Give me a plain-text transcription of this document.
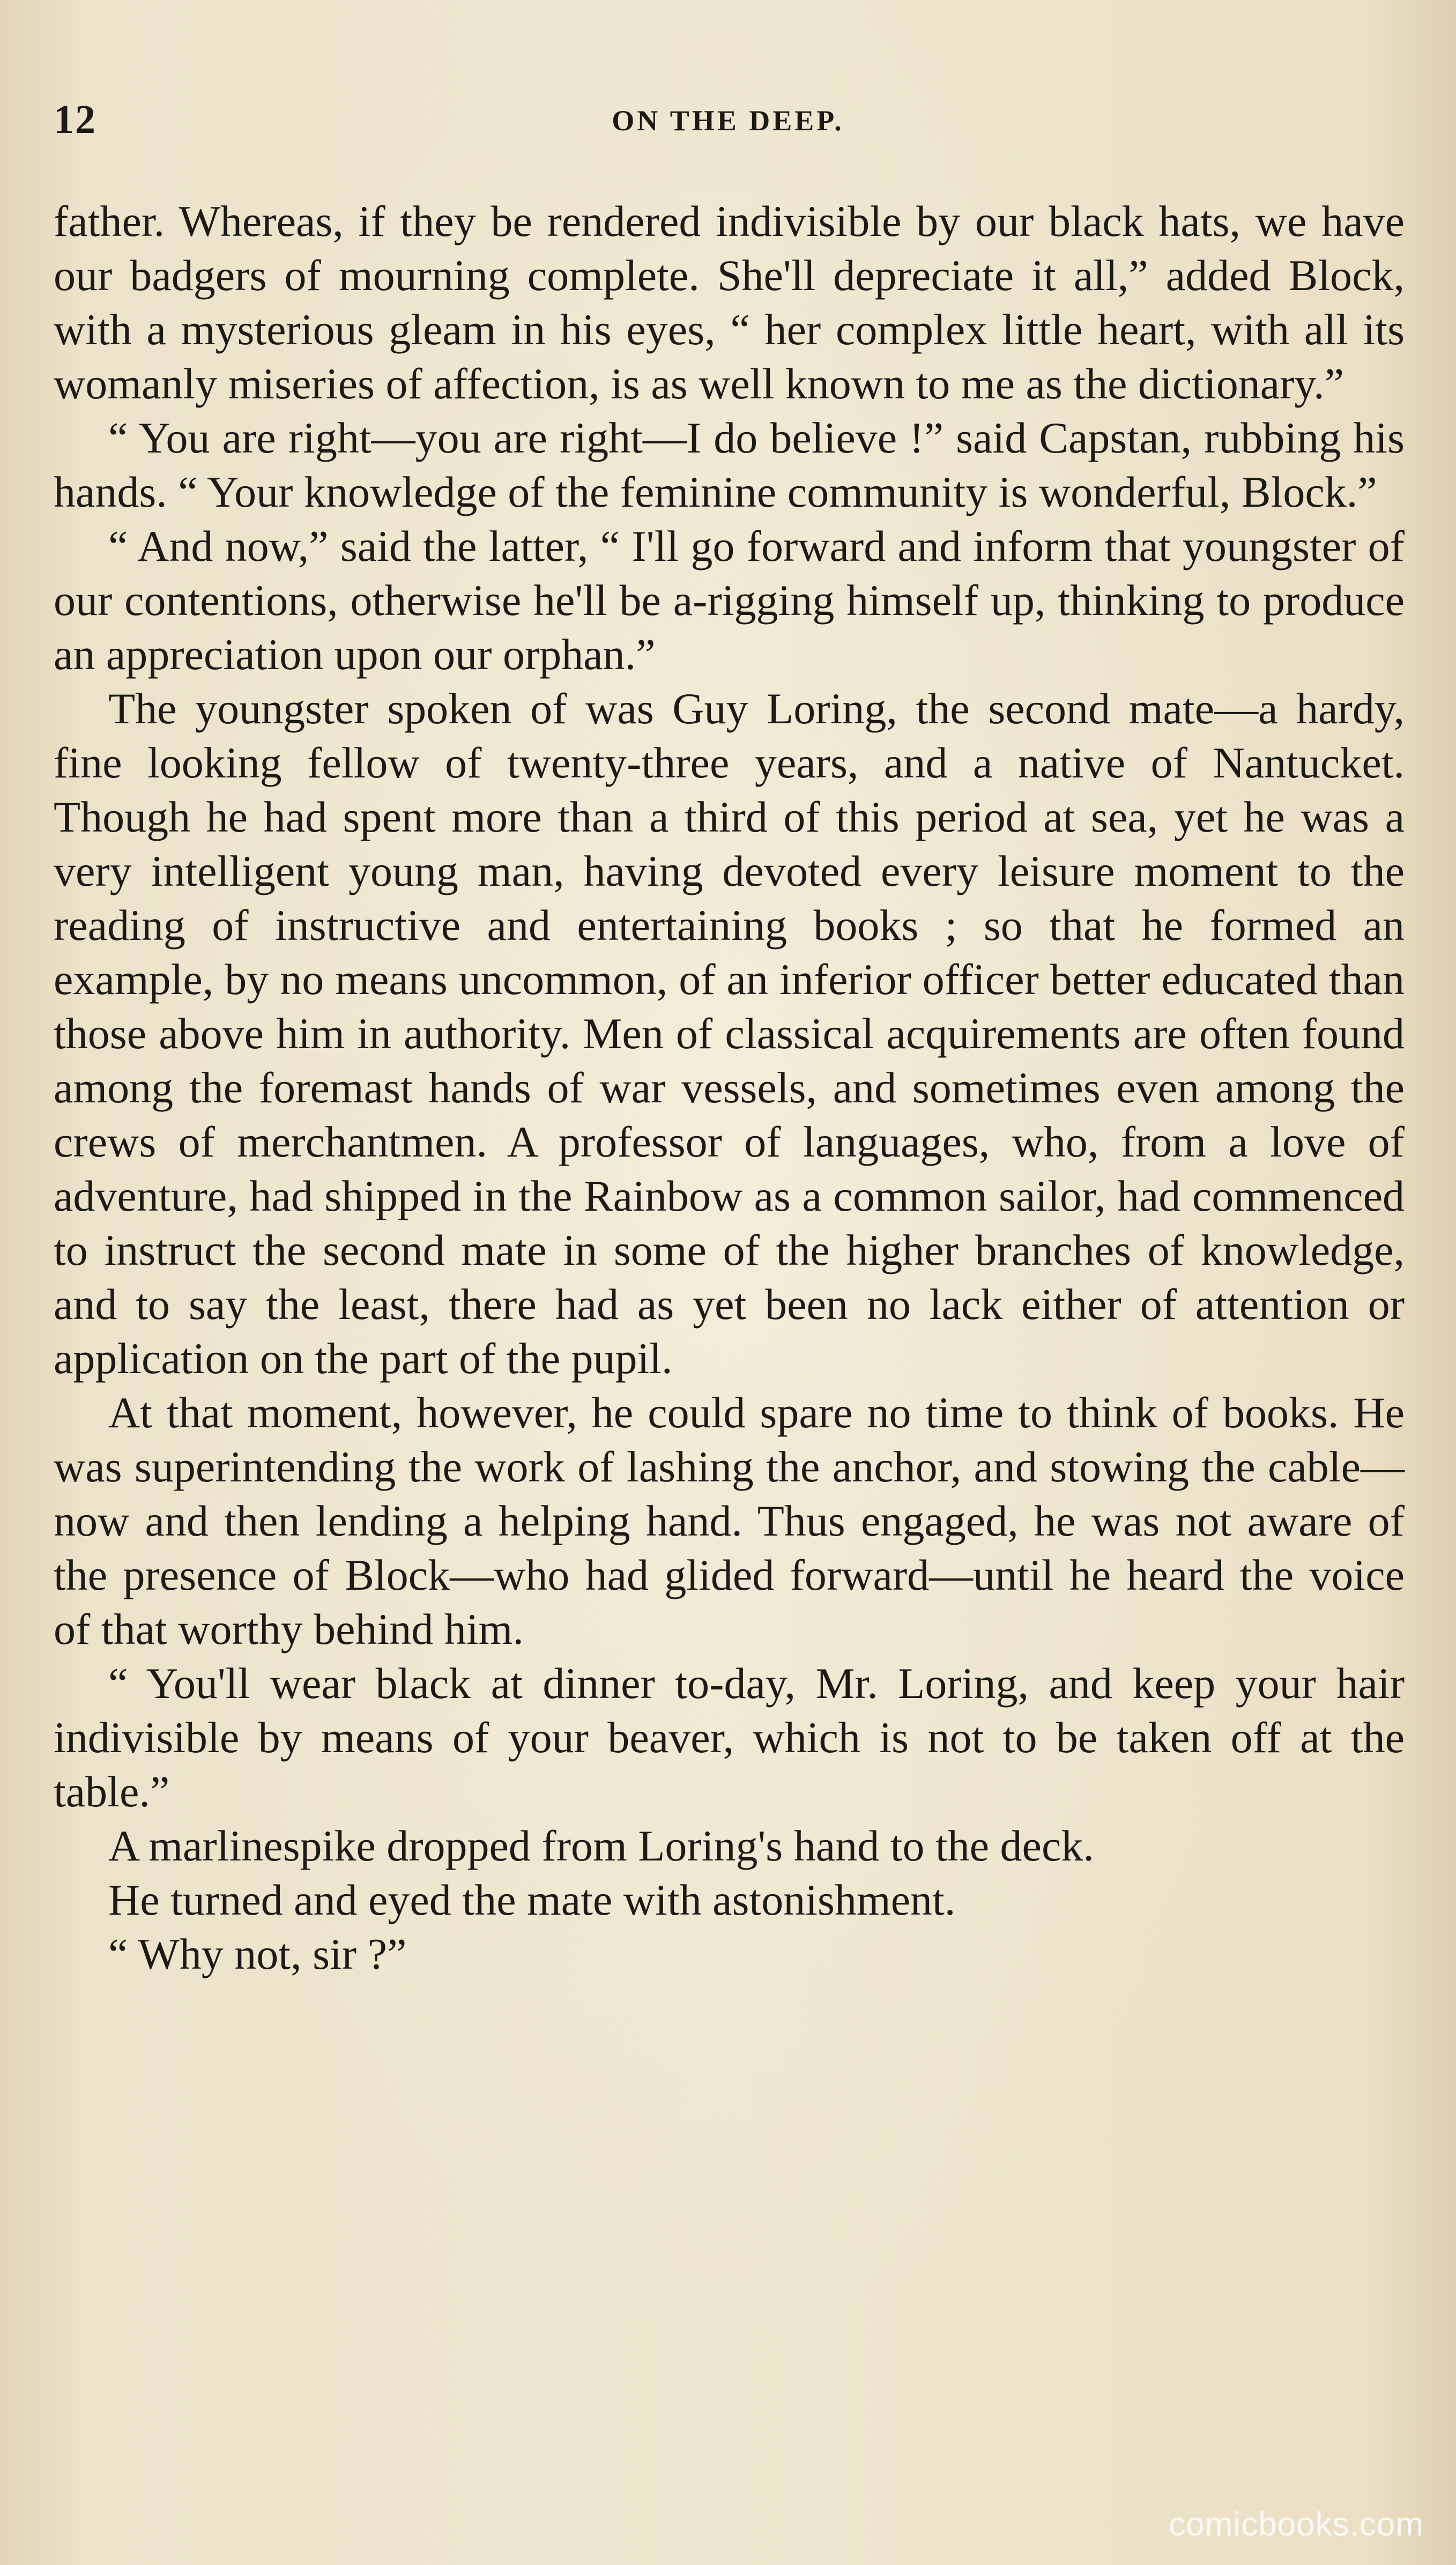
12	ON THE DEEP.

father. Whereas, if they be rendered indivisible by our black hats, we have our badgers of mourning complete. She'll depreciate it all,” added Block, with a mysterious gleam in his eyes, “ her complex little heart, with all its womanly miseries of affection, is as well known to me as the dictionary.”

“ You are right—you are right—I do believe !” said Capstan, rubbing his hands. “ Your knowledge of the feminine community is wonderful, Block.”

“ And now,” said the latter, “ I'll go forward and inform that youngster of our contentions, otherwise he'll be a-rigging himself up, thinking to produce an appreciation upon our orphan.”

The youngster spoken of was Guy Loring, the second mate—a hardy, fine looking fellow of twenty-three years, and a native of Nantucket. Though he had spent more than a third of this period at sea, yet he was a very intelligent young man, having devoted every leisure moment to the reading of instructive and entertaining books ; so that he formed an example, by no means uncommon, of an inferior officer better educated than those above him in authority. Men of classical acquirements are often found among the foremast hands of war vessels, and sometimes even among the crews of merchantmen. A professor of languages, who, from a love of adventure, had shipped in the Rainbow as a common sailor, had commenced to instruct the second mate in some of the higher branches of knowledge, and to say the least, there had as yet been no lack either of attention or application on the part of the pupil.

At that moment, however, he could spare no time to think of books. He was superintending the work of lashing the anchor, and stowing the cable—now and then lending a helping hand. Thus engaged, he was not aware of the presence of Block—who had glided forward—until he heard the voice of that worthy behind him.

“ You'll wear black at dinner to-day, Mr. Loring, and keep your hair indivisible by means of your beaver, which is not to be taken off at the table.”

A marlinespike dropped from Loring's hand to the deck.

He turned and eyed the mate with astonishment.

“ Why not, sir ?”

comicbooks.com
